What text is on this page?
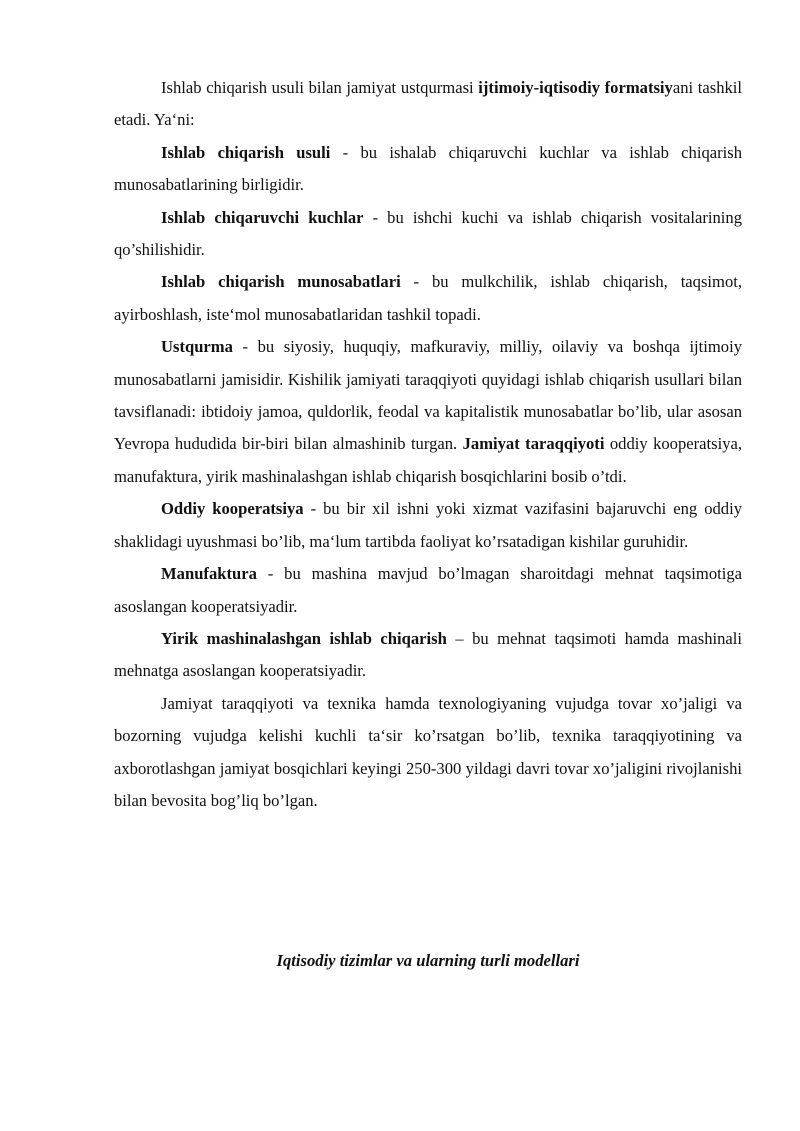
Ishlab chiqarish usuli bilan jamiyat ustqurmasi ijtimoiy-iqtisodiy formatsiyani tashkil etadi. Ya‘ni:

Ishlab chiqarish usuli - bu ishalab chiqaruvchi kuchlar va ishlab chiqarish munosabatlarining birligidir.

Ishlab chiqaruvchi kuchlar - bu ishchi kuchi va ishlab chiqarish vositalarining qo’shilishidir.

Ishlab chiqarish munosabatlari - bu mulkchilik, ishlab chiqarish, taqsimot, ayirboshlash, iste‘mol munosabatlaridan tashkil topadi.

Ustqurma - bu siyosiy, huquqiy, mafkuraviy, milliy, oilaviy va boshqa ijtimoiy munosabatlarni jamisidir. Kishilik jamiyati taraqqiyoti quyidagi ishlab chiqarish usullari bilan tavsiflanadi: ibtidoiy jamoa, quldorlik, feodal va kapitalistik munosabatlar bo’lib, ular asosan Yevropa hududida bir-biri bilan almashinib turgan. Jamiyat taraqqiyoti oddiy kooperatsiya, manufaktura, yirik mashinalashgan ishlab chiqarish bosqichlarini bosib o’tdi.

Oddiy kooperatsiya - bu bir xil ishni yoki xizmat vazifasini bajaruvchi eng oddiy shaklidagi uyushmasi bo’lib, ma‘lum tartibda faoliyat ko’rsatadigan kishilar guruhidir.

Manufaktura - bu mashina mavjud bo’lmagan sharoitdagi mehnat taqsimotiga asoslangan kooperatsiyadir.

Yirik mashinalashgan ishlab chiqarish – bu mehnat taqsimoti hamda mashinali mehnatga asoslangan kooperatsiyadir.

Jamiyat taraqqiyoti va texnika hamda texnologiyaning vujudga tovar xo’jaligi va bozorning vujudga kelishi kuchli ta‘sir ko’rsatgan bo’lib, texnika taraqqiyotining va axborotlashgan jamiyat bosqichlari keyingi 250-300 yildagi davri tovar xo’jaligini rivojlanishi bilan bevosita bog’liq bo’lgan.

Iqtisodiy tizimlar va ularning turli modellari
